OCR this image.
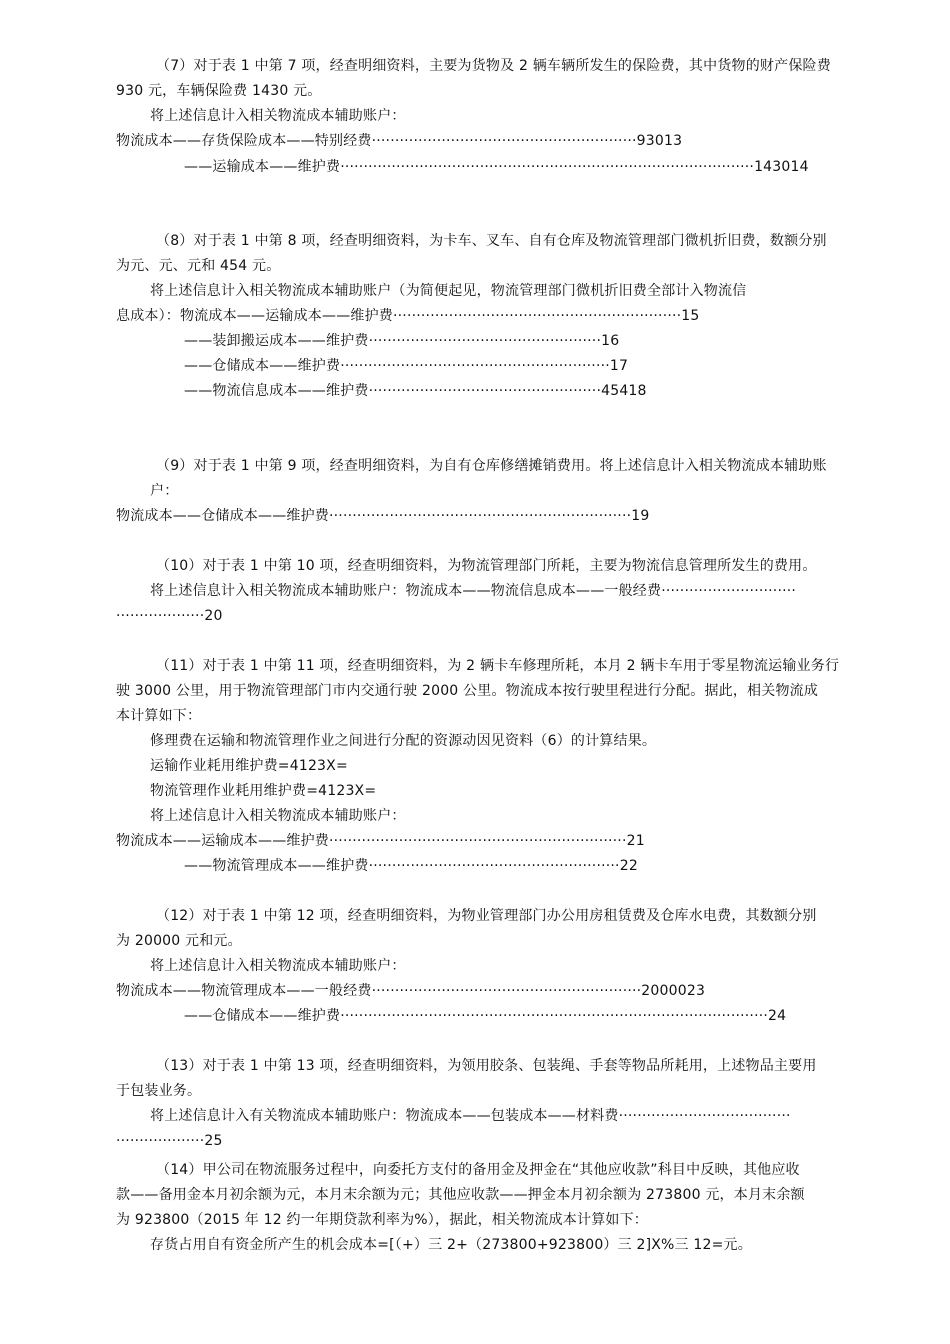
（7）对于表 1 中第 7 项，经查明细资料，主要为货物及 2 辆车辆所发生的保险费，其中货物的财产保险费
930 元，车辆保险费 1430 元。
将上述信息计入相关物流成本辅助账户：
物流成本——存货保险成本——特别经费·························································93013
——运输成本——维护费·························································································143014
（8）对于表 1 中第 8 项，经查明细资料，为卡车、叉车、自有仓库及物流管理部门微机折旧费，数额分别
为元、元、元和 454 元。
将上述信息计入相关物流成本辅助账户（为简便起见，物流管理部门微机折旧费全部计入物流信
息成本）：物流成本——运输成本——维护费······························································15
——装卸搬运成本——维护费··················································16
——仓储成本——维护费··························································17
——物流信息成本——维护费··················································45418
（9）对于表 1 中第 9 项，经查明细资料，为自有仓库修缮摊销费用。将上述信息计入相关物流成本辅助账
户：
物流成本——仓储成本——维护费·································································19
（10）对于表 1 中第 10 项，经查明细资料，为物流管理部门所耗，主要为物流信息管理所发生的费用。
将上述信息计入相关物流成本辅助账户：物流成本——物流信息成本——一般经费·····························
···················20
（11）对于表 1 中第 11 项，经查明细资料，为 2 辆卡车修理所耗，本月 2 辆卡车用于零星物流运输业务行
驶 3000 公里，用于物流管理部门市内交通行驶 2000 公里。物流成本按行驶里程进行分配。据此，相关物流成
本计算如下：
修理费在运输和物流管理作业之间进行分配的资源动因见资料（6）的计算结果。
运输作业耗用维护费=4123X=
物流管理作业耗用维护费=4123X=
将上述信息计入相关物流成本辅助账户：
物流成本——运输成本——维护费································································21
——物流管理成本——维护费······················································22
（12）对于表 1 中第 12 项，经查明细资料，为物业管理部门办公用房租赁费及仓库水电费，其数额分别
为 20000 元和元。
将上述信息计入相关物流成本辅助账户：
物流成本——物流管理成本——一般经费··························································2000023
——仓储成本——维护费····························································································24
（13）对于表 1 中第 13 项，经查明细资料，为领用胶条、包装绳、手套等物品所耗用，上述物品主要用
于包装业务。
将上述信息计入有关物流成本辅助账户：物流成本——包装成本——材料费·····································
···················25
（14）甲公司在物流服务过程中，向委托方支付的备用金及押金在“其他应收款”科目中反映，其他应收
款——备用金本月初余额为元，本月末余额为元；其他应收款——押金本月初余额为 273800 元，本月末余额
为 923800（2015 年 12 约一年期贷款利率为%），据此，相关物流成本计算如下：
存货占用自有资金所产生的机会成本=[（+）三 2+（273800+923800）三 2]X%三 12=元。
